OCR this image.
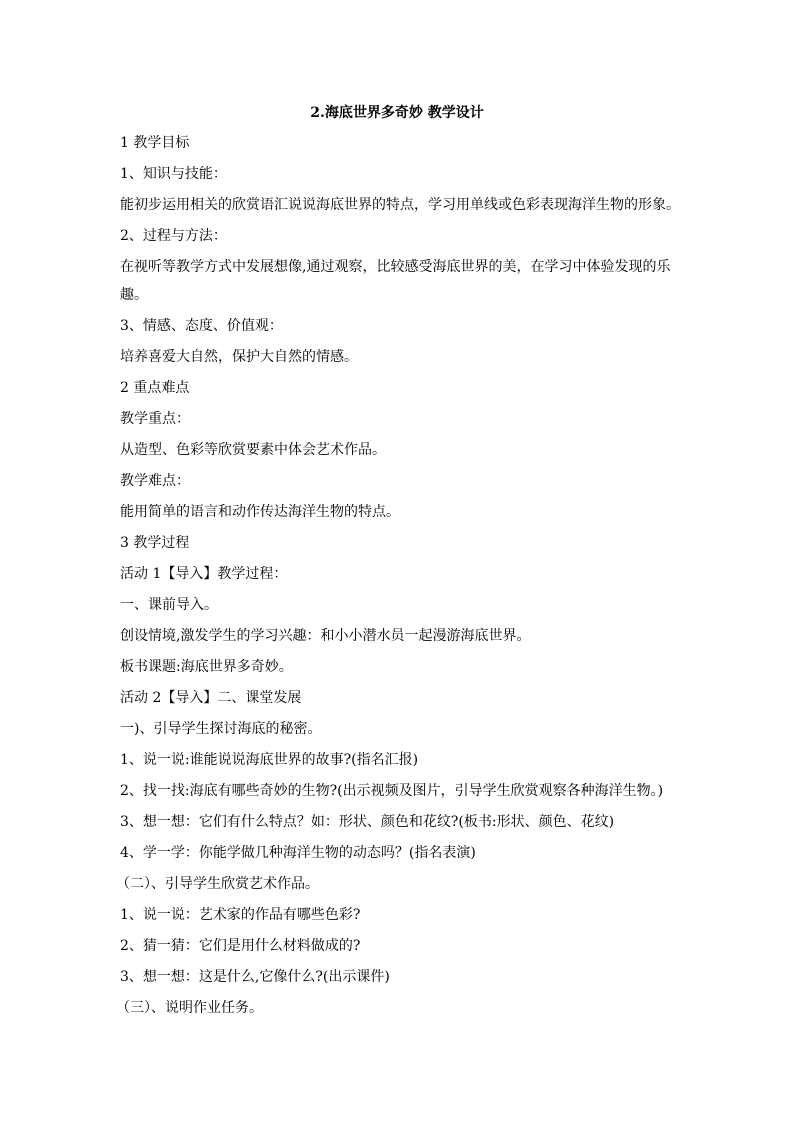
2.海底世界多奇妙 教学设计
1 教学目标
1、知识与技能：
能初步运用相关的欣赏语汇说说海底世界的特点，学习用单线或色彩表现海洋生物的形象。
2、过程与方法：
在视听等教学方式中发展想像,通过观察，比较感受海底世界的美，在学习中体验发现的乐
趣。
3、情感、态度、价值观：
培养喜爱大自然，保护大自然的情感。
2 重点难点
教学重点：
从造型、色彩等欣赏要素中体会艺术作品。
教学难点：
能用简单的语言和动作传达海洋生物的特点。
3 教学过程
活动 1【导入】教学过程：
一、课前导入。
创设情境,激发学生的学习兴趣：和小小潜水员一起漫游海底世界。
板书课题:海底世界多奇妙。
活动 2【导入】二、课堂发展
一)、引导学生探讨海底的秘密。
1、说一说:谁能说说海底世界的故事?(指名汇报)
2、找一找:海底有哪些奇妙的生物?(出示视频及图片，引导学生欣赏观察各种海洋生物。)
3、想一想：它们有什么特点？如：形状、颜色和花纹?(板书:形状、颜色、花纹)
4、学一学：你能学做几种海洋生物的动态吗？(指名表演)
（二）、引导学生欣赏艺术作品。
1、说一说：艺术家的作品有哪些色彩?
2、猜一猜：它们是用什么材料做成的?
3、想一想：这是什么,它像什么?(出示课件)
（三）、说明作业任务。
